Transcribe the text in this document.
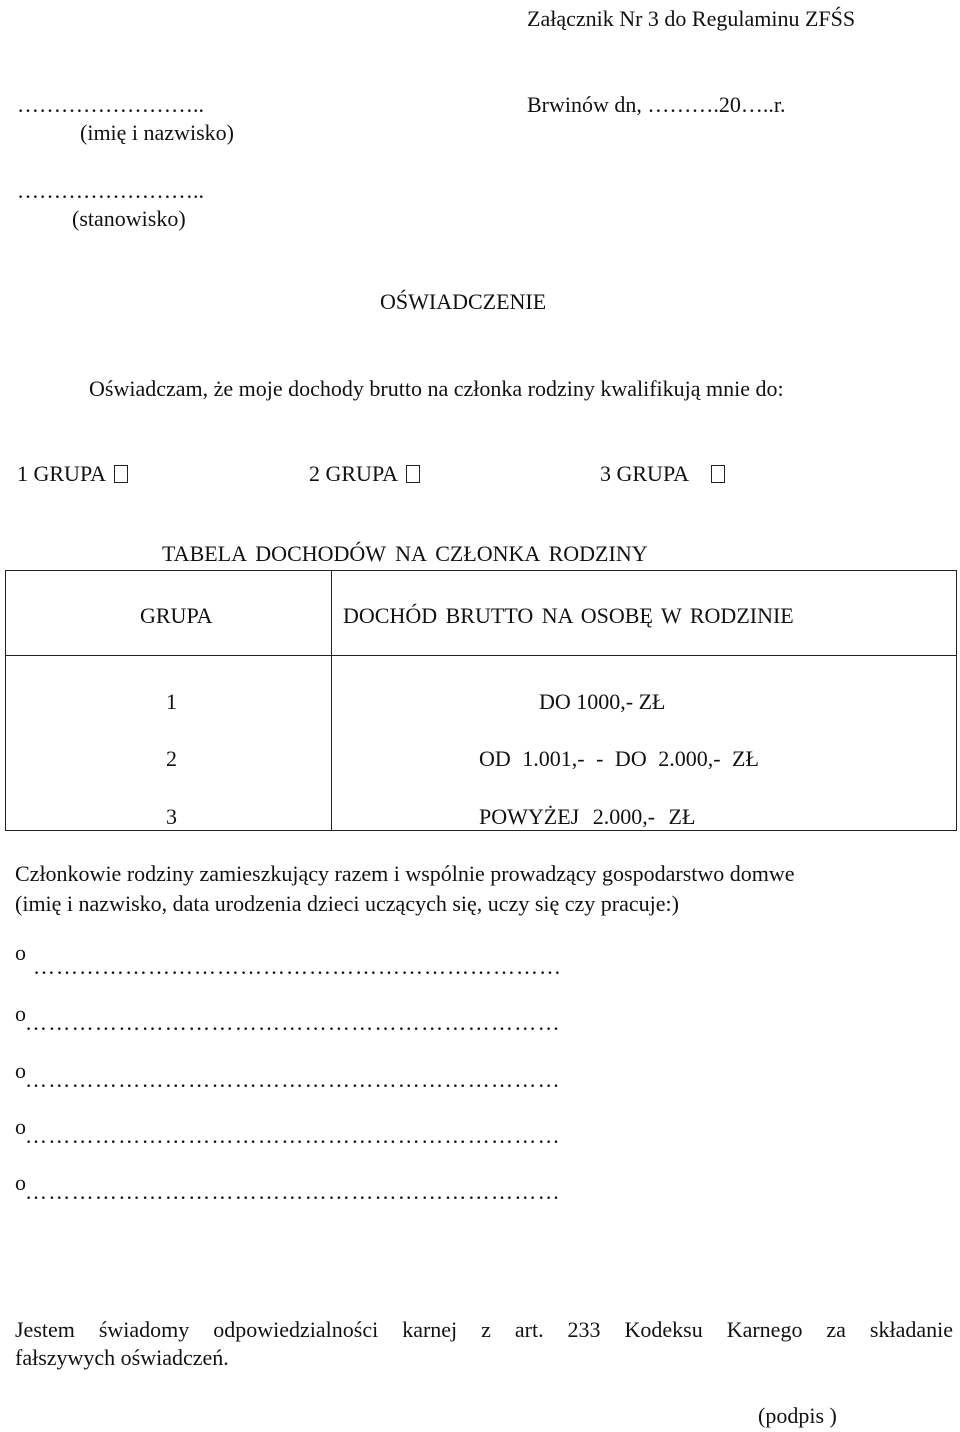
Załącznik Nr 3 do Regulaminu ZFŚS
……………………..
(imię i nazwisko)
Brwinów dn, ……….20…..r.
……………………..
(stanowisko)
OŚWIADCZENIE
Oświadczam, że moje dochody brutto na członka rodziny kwalifikują mnie do:
1 GRUPA	2 GRUPA	3 GRUPA
TABELA DOCHODÓW NA CZŁONKA RODZINY
GRUPA	DOCHÓD BRUTTO NA OSOBĘ W RODZINIE

1	DO 1000,- ZŁ

2	OD 1.001,- - DO 2.000,- ZŁ

3	POWYŻEJ 2.000,- ZŁ
Członkowie rodziny zamieszkujący razem i wspólnie prowadzący gospodarstwo domwe
(imię i nazwisko, data urodzenia dzieci uczących się, uczy się czy pracuje:)
o
……………………………………………………………
o ……………………………………………………………
o ……………………………………………………………
o ……………………………………………………………
o ……………………………………………………………
Jestem świadomy odpowiedzialności karnej z art. 233 Kodeksu Karnego za składanie
fałszywych oświadczeń.
(podpis )
